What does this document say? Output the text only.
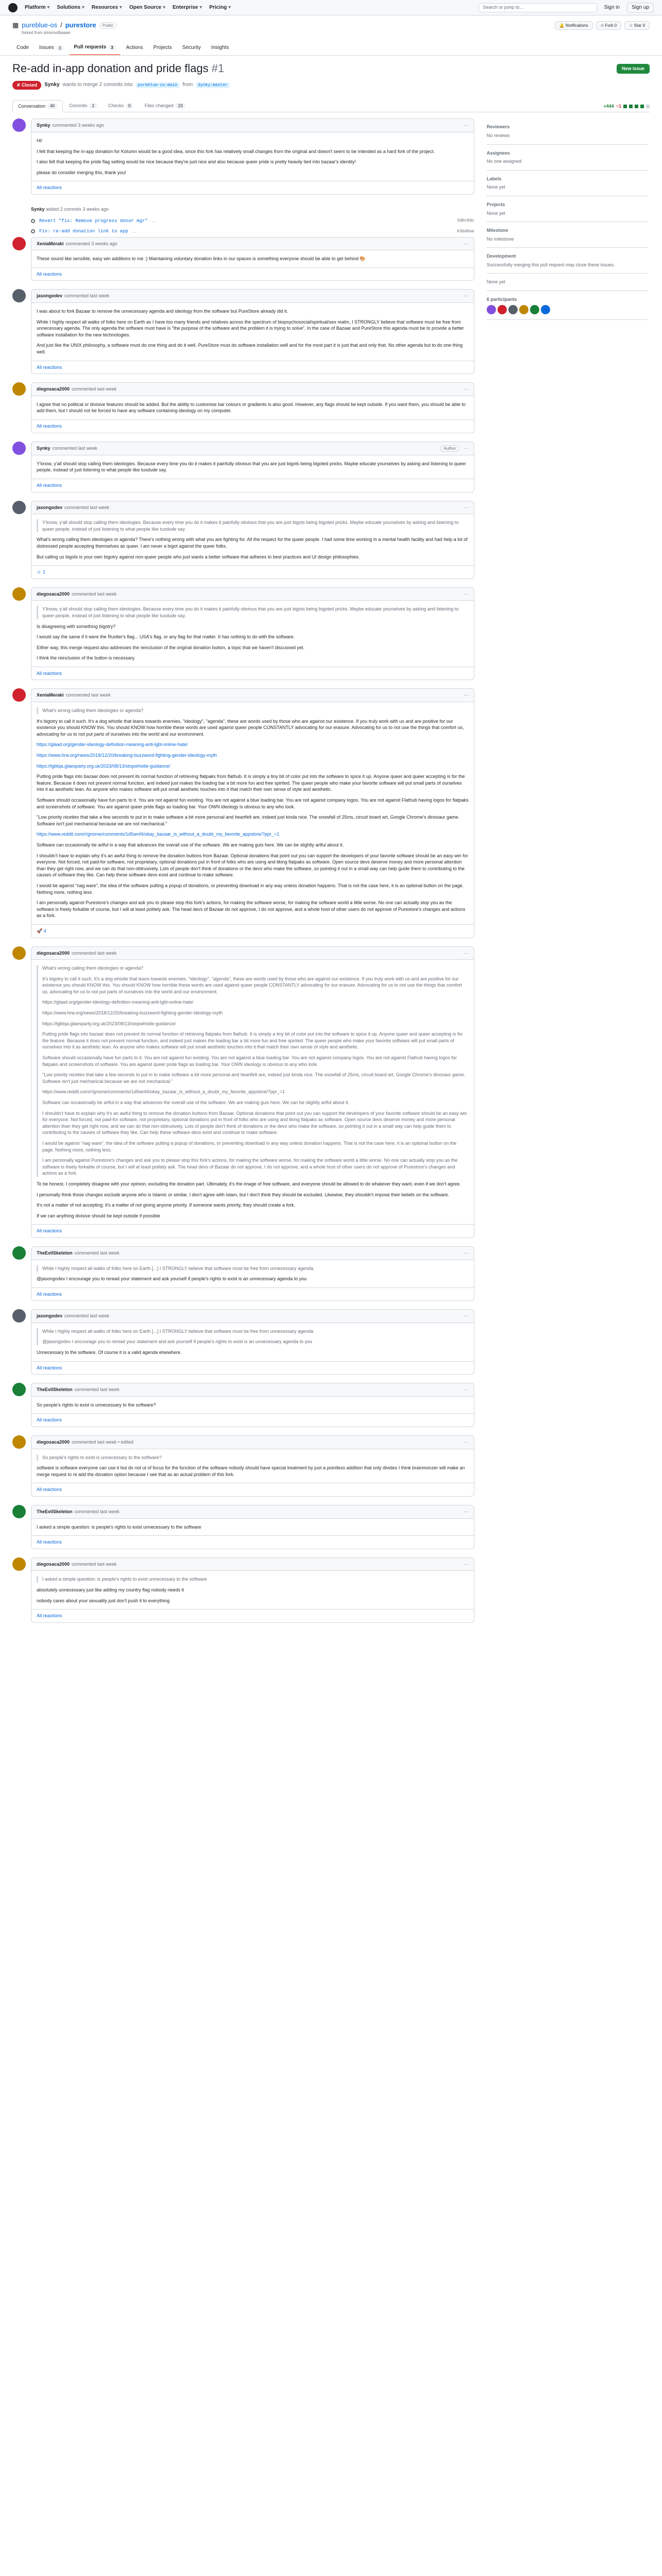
Platform ▾	Solutions ▾	Resources ▾	Open Source ▾	Enterprise ▾	Pricing ▾	Search or jump to...	Sign in	Sign up
▦ pureblue-os / purestore	Public	🔔 Notifications	✩ Fork 0	☆ Star 0
forked from simonvdbaaan
Code Issues	3	Pull requests	3	Actions Projects Security Insights
Re-add in-app donation and pride flags #1	New issue
✘ Closed	Synky wants to merge 2 commits into	pureblue-os:main	from	Synky:master
Conversation	40	Commits	2	Checks	0	Files changed	23	+444 −1
Synky commented 3 weeks ago	···

Hi!

I felt that keeping the in-app donation for Kotumn would be a good idea, since this fork has relatively small changes from the original and doesn't seem to be intended as a hard fork of the project.

I also felt that keeping the pride flag setting would be nice because they're just nice and also because queer pride is pretty heavily tied into bazaar's identity!

please do consider merging this, thank you!

All reactions
Synky added 2 commits 3 weeks ago
Revert "fix: Remove progress donor mgr" …	3dbc8dc
Fix: re-add donation link to app …	83bd0ae
XeniaMeraki commented 3 weeks ago	···

These sound like sensible, easy win additions to me :) Maintaining voluntary donation links in our spaces is something everyone should be able to get behind 🎨

All reactions
jasongodev commented last week	···

I was about to fork Bazaar to remove the unnecessary agenda and ideology from the software but PureStore already did it.

While I highly respect all walks of folks here on Earth as I have too many friends and relatives across the spectrum of biopsychosocial/spiritual/sex realm, I STRONGLY believe that software must be free from unnecessary agenda. The only agenda the software must have is "the purpose of the software and the problem it is trying to solve". In the case of Bazaar and PureStore this agenda must be to provide a better software installation for the new technologies.

And just like the UNIX philosophy, a software must do one thing and do it well. PureStore must do software installation well and for the most part it is just that and only that. No other agenda but to do one thing well.

All reactions
diegosaca2000 commented last week	···

I agree that no political or divisive features should be added. But the ability to customise bar colours or gradients is also good. However, any flags should be kept outside. If you want them, you should be able to add them, but I should not be forced to have any software containing ideology on my computer.

All reactions
Synky commented last week	Author	···

Y'know, y'all should stop calling them ideologies. Because every time you do it makes it painfully obvious that you are just bigots being bigoted pricks. Maybe educate yourselves by asking and listening to queer people, instead of just listening to what people like tuxdude say.

All reactions
jasongodev commented last week	···

Y'know, y'all should stop calling them ideologies. Because every time you do it makes it painfully obvious that you are just bigots being bigoted pricks. Maybe educate yourselves by asking and listening to queer people, instead of just listening to what people like tuxdude say.

What's wrong calling them ideologies or agenda? There's nothing wrong with what you are fighting for. All the respect for the queer people. I had some time working in a mental health facility and had help a lot of distressed people accepting themselves as queer. I am never a bigot against the queer folks.

But calling us bigots is your own bigotry against non-queer people who just wants a better software that adheres to best practices and UI design philosophies.

☺ 1
diegosaca2000 commented last week	···

Y'know, y'all should stop calling them ideologies. Because every time you do it makes it painfully obvious that you are just bigots being bigoted pricks. Maybe educate yourselves by asking and listening to queer people, instead of just listening to what people like tuxdude say.

Is disagreeing with something bigotry?

I would say the same if it were the Rustler's flag... USA's flag, or any flag for that matter. It has nothing to do with the software.

Either way, this merge request also addresses the reinclusion of the original donation button, a topic that we haven't discussed yet.

I think the reinclusion of the button is necessary.

All reactions
XeniaMeraki commented last week	···

What's wrong calling them ideologies or agenda?

It's bigotry to call it such. It's a dog whistle that leans towards enemies, "ideology", "agenda", these are words used by those who are against our existence. If you truly work with us and are positive for our existence you should KNOW this. You should KNOW how horrible these words are used against queer people CONSTANTLY advocating for our erasure. Advocating for us to not use the things that comfort us, advocating for us to not put parts of ourselves into the world and our environment.

https://glaad.org/gender-ideology-definition-meaning-anti-lgbt-online-hate/

https://www.hrw.org/news/2018/12/20/breaking-buzzword-fighting-gender-ideology-myth

https://lgbtqa.glaesparty.org.uk/2023/08/13/stopwhistle-guidance/

Putting pride flags into bazaar does not prevent its normal function of retrieving flatpaks from flathub. It is simply a tiny bit of color put into the software to spice it up. Anyone queer and queer accepting is for the feature. Because it does not prevent normal function, and indeed just makes the loading bar a bit more fun and free spirited. The queer people who make your favorite software will put small parts of ourselves into it as aesthetic lean. As anyone who makes software will put small aesthetic touches into it that match their own sense of style and aesthetic.

Software should occasionally have fun parts to it. You are not against fun existing. You are not against a blue loading bar. You are not against company logos. You are not against Flathub having logos for flatpaks and screenshots of software. You are against queer pride flags as loading bar. Your OWN ideology is obvious to any who look.

"Low priority niceties that take a few seconds to put in to make software a bit more personal and heartfelt are, indeed just kinda nice. The snowfall of 25ms, circuit board art, Google Chrome's dinosaur game. Software isn't just mechanical because we are not mechanical."

https://www.reddit.com/r/gnome/comments/1d5wnf4/okay_bazaar_is_without_a_doubt_my_favorite_appstore/?ppr_=1

Software can occasionally be artful in a way that advances the overall use of the software. We are making guis here. We can be slightly artful about it.

I shouldn't have to explain why it's an awful thing to remove the donation buttons from Bazaar. Optional donations that point out you can support the developers of your favorite software should be an easy win for everyone. Not forced, not paid-for software, not proprietary, optional donations put in front of folks who are using and liking flatpaks as software. Open source devs deserve money and more personal attention than they get right now, and we can do that non-obtrusively. Lots of people don't think of donations or the devs who make the software, so pointing it out in a small way can help guide them to contributing to the causes of software they like. Can help these software devs exist and continue to make software.

I would be against "nag ware", the idea of the software putting a popup of donations, or preventing download in any way unless donation happens. That is not the case here, it is an optional button on the page. Nothing more, nothing less.

I am personally against Purestore's changes and ask you to please stop this fork's actions, for making the software worse, for making the software world a little worse. No one can actually stop you as the software is freely forkable of course, but I will at least politely ask. The head devs of Bazaar do not approve, I do not approve, and a whole host of other users do not approve of Purestore's changes and actions as a fork.

🚀 4
diegosaca2000 commented last week	···

What's wrong calling them ideologies or agenda?

It's bigotry to call it such. It's a dog whistle that leans towards enemies, "ideology", "agenda", these are words used by those who are against our existence. If you truly work with us and are positive for our existence you should KNOW this. You should KNOW how horrible these words are used against queer people CONSTANTLY advocating for our erasure. Advocating for us to not use the things that comfort us, advocating for us to not put parts of ourselves into the world and our environment.

https://glaad.org/gender-ideology-definition-meaning-anti-lgbt-online-hate/

https://www.hrw.org/news/2018/12/20/breaking-buzzword-fighting-gender-ideology-myth

https://lgbtqa.glaesparty.org.uk/2023/08/13/stopwhistle-guidance/

Putting pride flags into bazaar does not prevent its normal function of retrieving flatpaks from flathub. It is simply a tiny bit of color put into the software to spice it up. Anyone queer and queer accepting is for the feature. Because it does not prevent normal function, and indeed just makes the loading bar a bit more fun and free spirited. The queer people who make your favorite software will put small parts of ourselves into it as aesthetic lean. As anyone who makes software will put small aesthetic touches into it that match their own sense of style and aesthetic.

Software should occasionally have fun parts to it. You are not against fun existing. You are not against a blue loading bar. You are not against company logos. You are not against Flathub having logos for flatpaks and screenshots of software. You are against queer pride flags as loading bar. Your OWN ideology is obvious to any who look.

"Low priority niceties that take a few seconds to put in to make software a bit more personal and heartfelt are, indeed just kinda nice. The snowfall of 25ms, circuit board art, Google Chrome's dinosaur game. Software isn't just mechanical because we are not mechanical."

https://www.reddit.com/r/gnome/comments/1d5wnf4/okay_bazaar_is_without_a_doubt_my_favorite_appstore/?ppr_=1

Software can occasionally be artful in a way that advances the overall use of the software. We are making guis here. We can be slightly artful about it.

I shouldn't have to explain why it's an awful thing to remove the donation buttons from Bazaar. Optional donations that point out you can support the developers of your favorite software should be an easy win for everyone. Not forced, not paid-for software, not proprietary, optional donations put in front of folks who are using and liking flatpaks as software. Open source devs deserve money and more personal attention than they get right now, and we can do that non-obtrusively. Lots of people don't think of donations or the devs who make the software, so pointing it out in a small way can help guide them to contributing to the causes of software they like. Can help these software devs exist and continue to make software.

I would be against "nag ware", the idea of the software putting a popup of donations, or preventing download in any way unless donation happens. That is not the case here, it is an optional button on the page. Nothing more, nothing less.

I am personally against Purestore's changes and ask you to please stop this fork's actions, for making the software worse, for making the software world a little worse. No one can actually stop you as the software is freely forkable of course, but I will at least politely ask. The head devs of Bazaar do not approve, I do not approve, and a whole host of other users do not approve of Purestore's changes and actions as a fork.

To be honest, I completely disagree with your opinion, excluding the donation part. Ultimately, it's the image of free software, and everyone should be allowed to do whatever they want, even if we don't agree.

I personally think those changes exclude anyone who is Islamic or similar. I don't agree with Islam, but I don't think they should be excluded. Likewise, they shouldn't impose their beliefs on the software.

It's not a matter of not accepting; it's a matter of not giving anyone priority. If someone wants priority, they should create a fork.

If we can anything divisive should be kept outside if possible

All reactions
TheEvilSkeleton commented last week	···

While I highly respect all walks of folks here on Earth [...] I STRONGLY believe that software must be free from unnecessary agenda.

@jasongodev I encourage you to reread your statement and ask yourself if people's rights to exist is an unnecessary agenda to you

All reactions
jasongodev commented last week	···

While I highly respect all walks of folks here on Earth [...] I STRONGLY believe that software must be free from unnecessary agenda.

@jasongodev I encourage you to reread your statement and ask yourself if people's rights to exist is an unnecessary agenda to you

Unnecessary to the software. Of course it is a valid agenda elsewhere.

All reactions
TheEvilSkeleton commented last week	···

So people's rights to exist is unnecessary to the software?

All reactions
diegosaca2000 commented last week • edited	···

So people's rights to exist is unnecessary to the software?

software is software everyone can use it but do not ut of focus for the function of the software nobody should have special treatment by just a pointless addition that only divides I think brainmonzer will make an merge request to re add the donation option because I see that as an actual problem of this fork.

All reactions
TheEvilSkeleton commented last week	···

I asked a simple question: is people's rights to exist unnecessary to the software

All reactions
diegosaca2000 commented last week	···

I asked a simple question: is people's rights to exist unnecessary to the software

absolutely unnecessary just like adding my country flag nobody needs it

nobody cares about your sexuality just don't push it to everything

All reactions
Reviewers
No reviews
Assignees
No one assigned
Labels
None yet
Projects
None yet
Milestone
No milestone
Development
Successfully merging this pull request may close these issues.
None yet
6 participants
